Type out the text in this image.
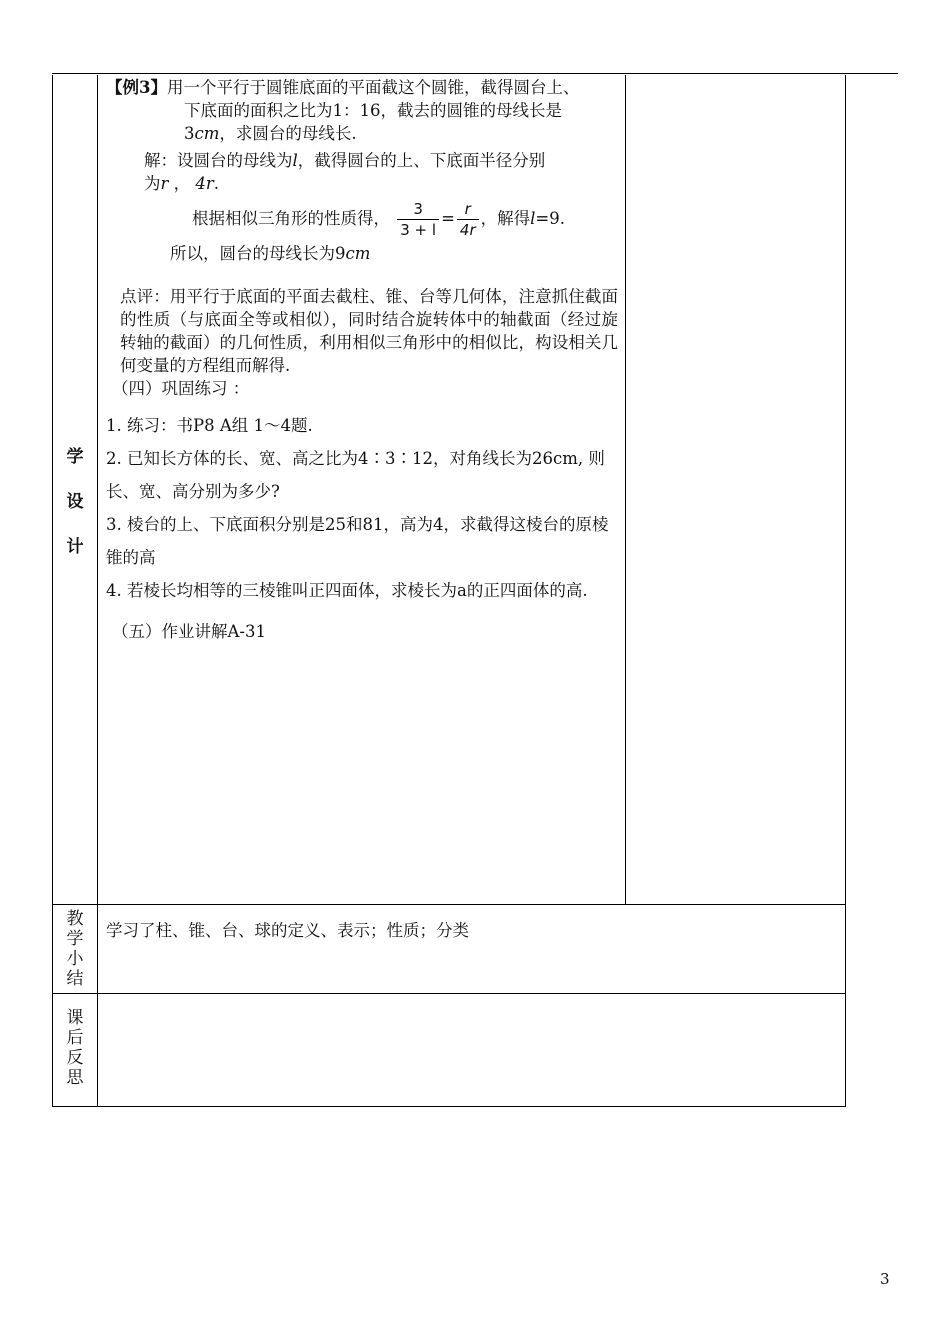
学
设
计
教
学
小
结
课
后
反
思

【例3】用一个平行于圆锥底面的平面截这个圆锥，截得圆台上、

下底面的面积之比为1：16，截去的圆锥的母线长是

3cm，求圆台的母线长.

解：设圆台的母线为l，截得圆台的上、下底面半径分别

为r ， 4r.

根据相似三角形的性质得， $\frac{3}{3 + l} = \frac{r}{4r}$ ，解得l=9.

所以，圆台的母线长为9cm

点评：用平行于底面的平面去截柱、锥、台等几何体，注意抓住截面的性质（与底面全等或相似），同时结合旋转体中的轴截面（经过旋转轴的截面）的几何性质，利用相似三角形中的相似比，构设相关几何变量的方程组而解得.

（四）巩固练习 ：

1. 练习：书P8 A组 1～4题.

2. 已知长方体的长、宽、高之比为4∶3∶12，对角线长为26cm, 则长、宽、高分别为多少?

3. 棱台的上、下底面积分别是25和81，高为4，求截得这棱台的原棱锥的高

4. 若棱长均相等的三棱锥叫正四面体，求棱长为a的正四面体的高.

（五）作业讲解A-31

学习了柱、锥、台、球的定义、表示；性质；分类
3
